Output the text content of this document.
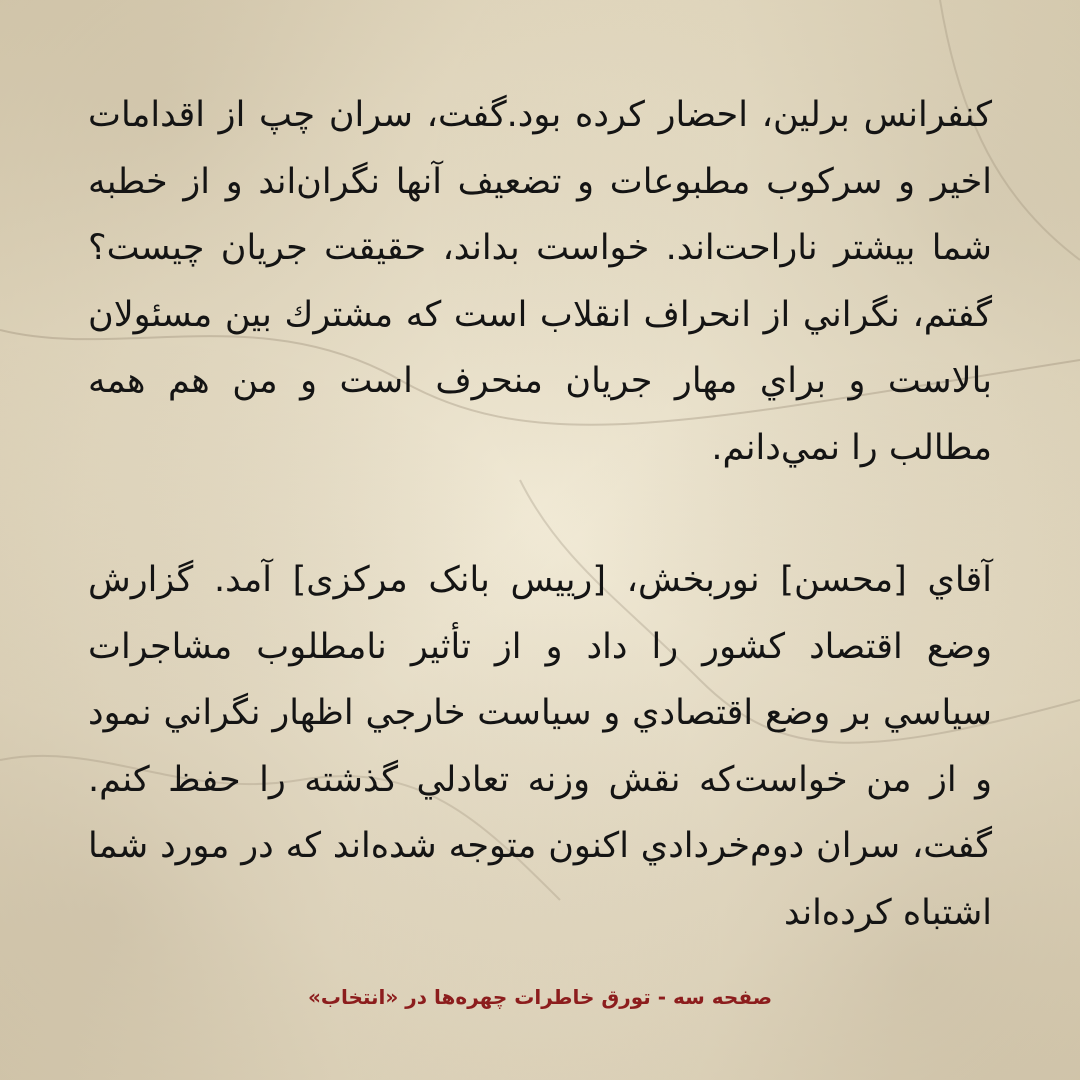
کنفرانس برلین، احضار کرده بود.گفت، سران چپ از اقدامات اخیر و سرکوب مطبوعات و تضعیف آنها نگران‌اند و از خطبه شما بیشتر ناراحت‌اند. خواست بداند، حقیقت جریان چیست؟ گفتم، نگراني از انحراف انقلاب است که مشترك بین مسئولان بالاست و براي مهار جریان منحرف است و من هم همه مطالب را نمي‌دانم.

آقاي [محسن] نوربخش، [رییس بانک مرکزی] آمد. گزارش وضع اقتصاد کشور را داد و از تأثیر نامطلوب مشاجرات سیاسي بر وضع اقتصادي و سیاست خارجي اظهار نگراني نمود و از من خواست‌که نقش وزنه تعادلي گذشته را حفظ کنم. گفت، سران دوم‌خردادي اکنون متوجه شده‌اند که در مورد شما اشتباه کرده‌اند

صفحه سه - تورق خاطرات چهره‌ها در «انتخاب»
